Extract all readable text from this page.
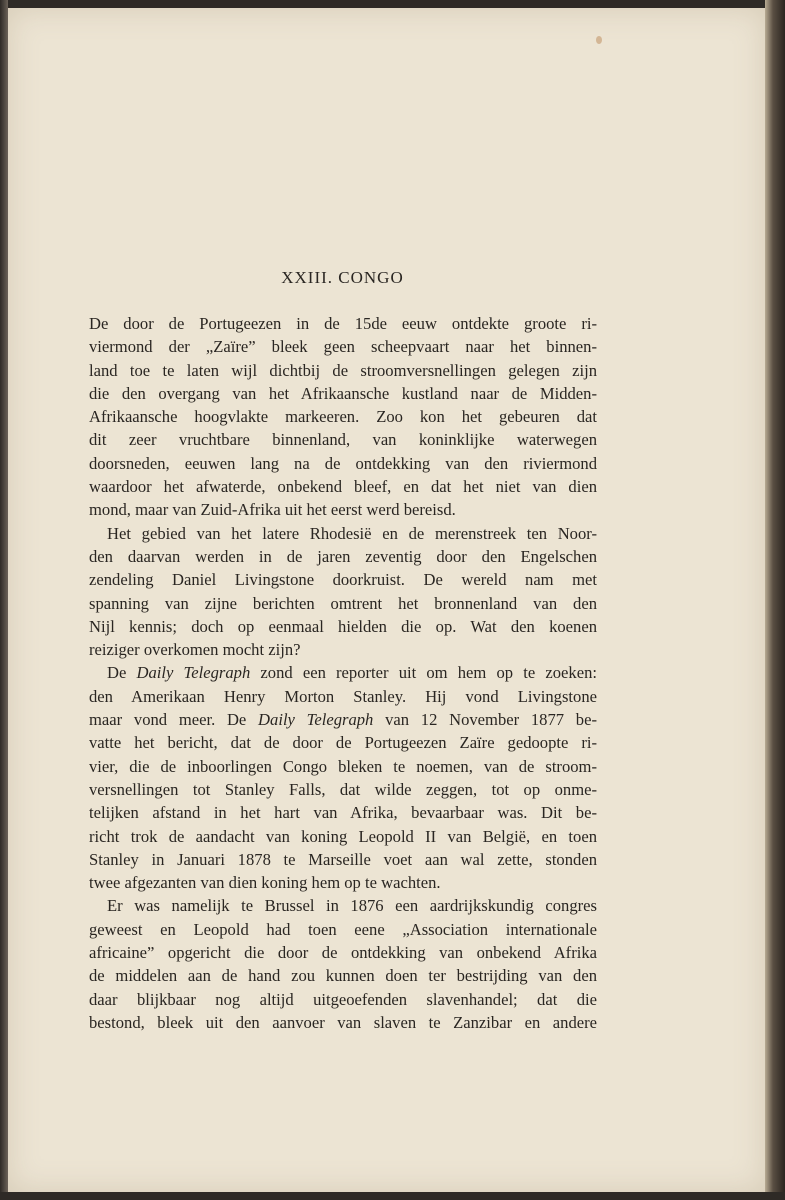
XXIII. CONGO
De door de Portugeezen in de 15de eeuw ontdekte groote ri-
viermond der „Zaïre” bleek geen scheepvaart naar het binnen-
land toe te laten wijl dichtbij de stroomversnellingen gelegen zijn
die den overgang van het Afrikaansche kustland naar de Midden-
Afrikaansche hoogvlakte markeeren. Zoo kon het gebeuren dat
dit zeer vruchtbare binnenland, van koninklijke waterwegen
doorsneden, eeuwen lang na de ontdekking van den riviermond
waardoor het afwaterde, onbekend bleef, en dat het niet van dien
mond, maar van Zuid-Afrika uit het eerst werd bereisd.
Het gebied van het latere Rhodesië en de merenstreek ten Noor-
den daarvan werden in de jaren zeventig door den Engelschen
zendeling Daniel Livingstone doorkruist. De wereld nam met
spanning van zijne berichten omtrent het bronnenland van den
Nijl kennis; doch op eenmaal hielden die op. Wat den koenen
reiziger overkomen mocht zijn?
De Daily Telegraph zond een reporter uit om hem op te zoeken:
den Amerikaan Henry Morton Stanley. Hij vond Livingstone
maar vond meer. De Daily Telegraph van 12 November 1877 be-
vatte het bericht, dat de door de Portugeezen Zaïre gedoopte ri-
vier, die de inboorlingen Congo bleken te noemen, van de stroom-
versnellingen tot Stanley Falls, dat wilde zeggen, tot op onme-
telijken afstand in het hart van Afrika, bevaarbaar was. Dit be-
richt trok de aandacht van koning Leopold II van België, en toen
Stanley in Januari 1878 te Marseille voet aan wal zette, stonden
twee afgezanten van dien koning hem op te wachten.
Er was namelijk te Brussel in 1876 een aardrijkskundig congres
geweest en Leopold had toen eene „Association internationale
africaine” opgericht die door de ontdekking van onbekend Afrika
de middelen aan de hand zou kunnen doen ter bestrijding van den
daar blijkbaar nog altijd uitgeoefenden slavenhandel; dat die
bestond, bleek uit den aanvoer van slaven te Zanzibar en andere
